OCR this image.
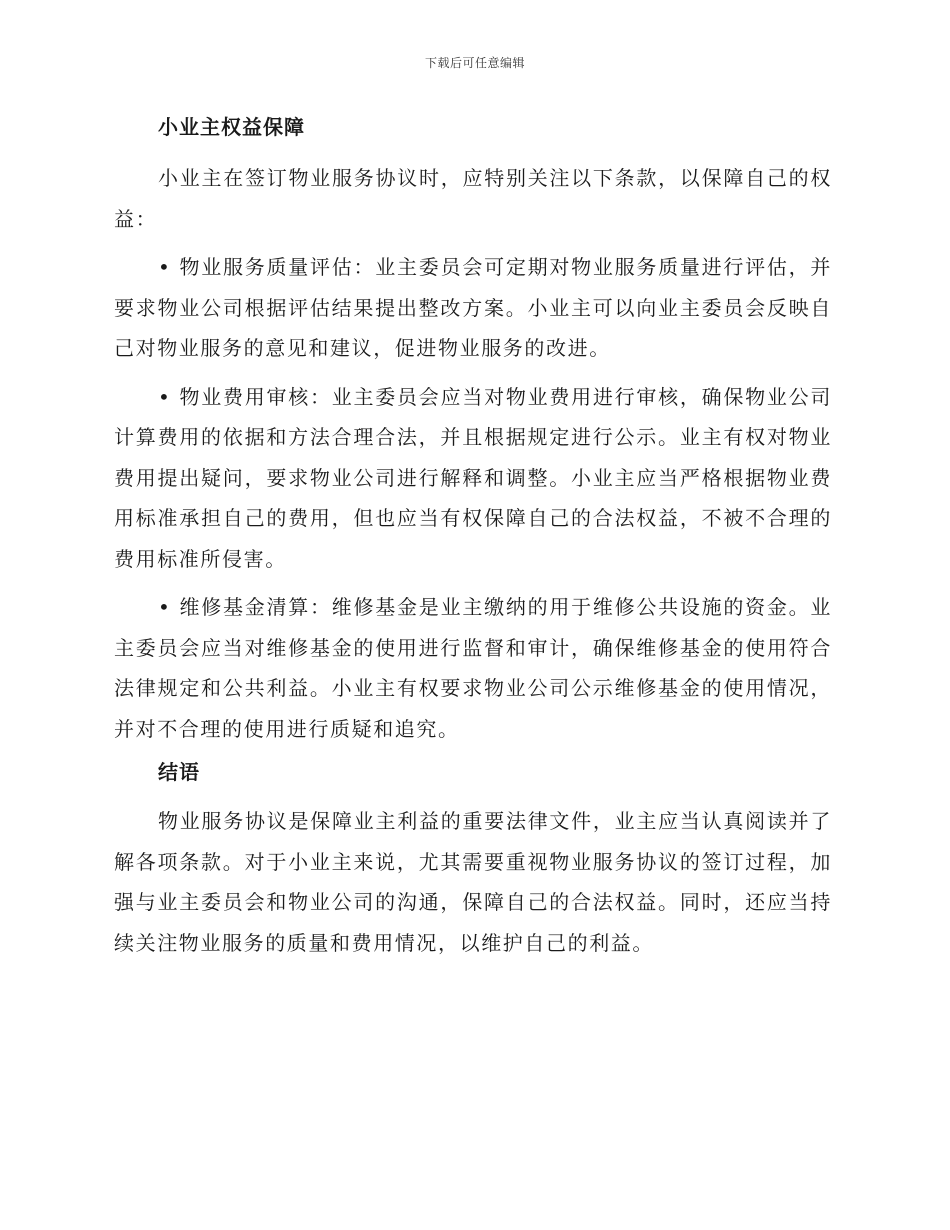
下载后可任意编辑
小业主权益保障

小业主在签订物业服务协议时，应特别关注以下条款，以保障自己的权益：

• 物业服务质量评估：业主委员会可定期对物业服务质量进行评估，并要求物业公司根据评估结果提出整改方案。小业主可以向业主委员会反映自己对物业服务的意见和建议，促进物业服务的改进。

• 物业费用审核：业主委员会应当对物业费用进行审核，确保物业公司计算费用的依据和方法合理合法，并且根据规定进行公示。业主有权对物业费用提出疑问，要求物业公司进行解释和调整。小业主应当严格根据物业费用标准承担自己的费用，但也应当有权保障自己的合法权益，不被不合理的费用标准所侵害。

• 维修基金清算：维修基金是业主缴纳的用于维修公共设施的资金。业主委员会应当对维修基金的使用进行监督和审计，确保维修基金的使用符合法律规定和公共利益。小业主有权要求物业公司公示维修基金的使用情况，并对不合理的使用进行质疑和追究。

结语

物业服务协议是保障业主利益的重要法律文件，业主应当认真阅读并了解各项条款。对于小业主来说，尤其需要重视物业服务协议的签订过程，加强与业主委员会和物业公司的沟通，保障自己的合法权益。同时，还应当持续关注物业服务的质量和费用情况，以维护自己的利益。
